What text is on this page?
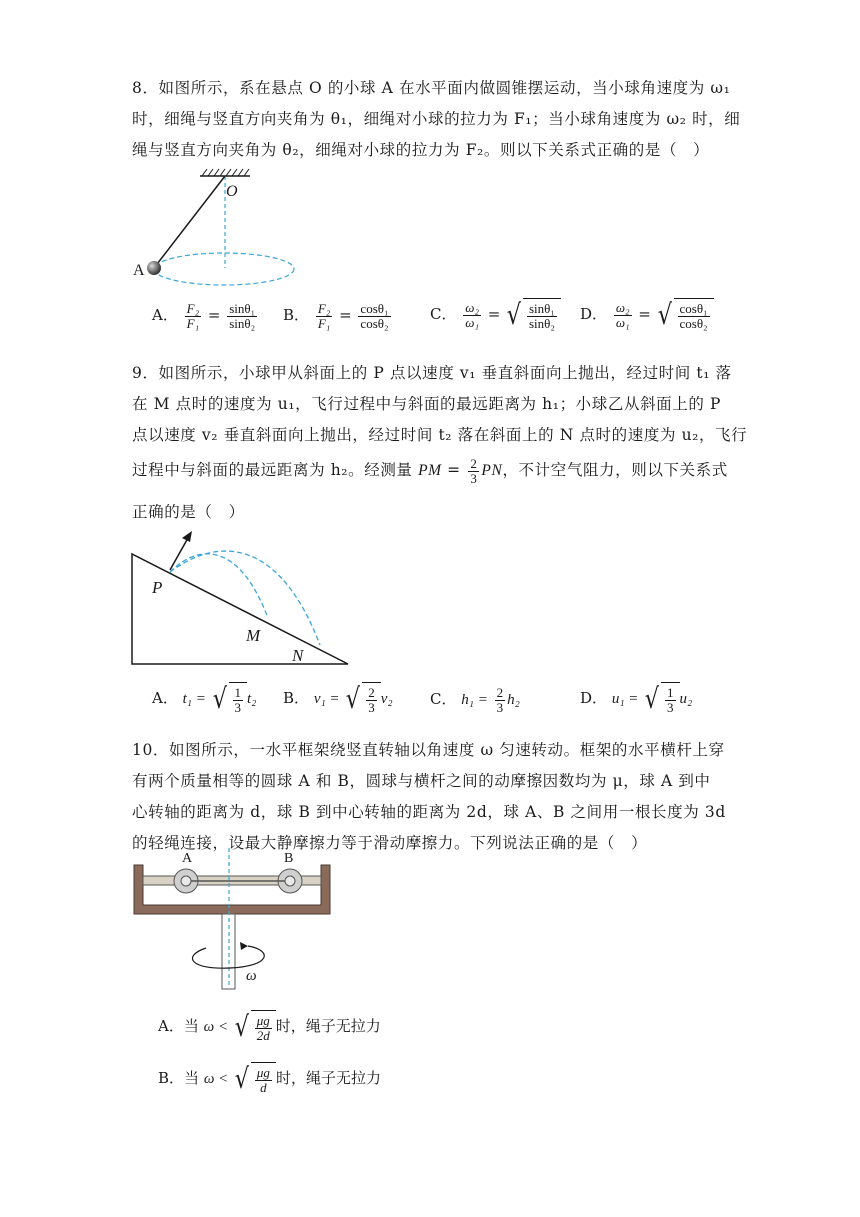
8．如图所示，系在悬点 O 的小球 A 在水平面内做圆锥摆运动，当小球角速度为 ω₁
时，细绳与竖直方向夹角为 θ₁，细绳对小球的拉力为 F₁；当小球角速度为 ω₂ 时，细
绳与竖直方向夹角为 θ₂，细绳对小球的拉力为 F₂。则以下关系式正确的是（　）
O
A
A． $\frac{\text{F₂}}{\text{F₁}} = \frac{\text{sinθ₁}}{\text{sinθ₂}}$ B． $\frac{\text{F₂}}{\text{F₁}} = \frac{\text{cosθ₁}}{\text{cosθ₂}}$	C． $\frac{\text{ω₂}}{\text{ω₁}}$ = √ $\frac{\text{sinθ₁}}{\text{sinθ₂}}$ D． $\frac{\text{ω₂}}{\text{ω₁}}$ = √ $\frac{\text{cosθ₁}}{\text{cosθ₂}}$
9．如图所示，小球甲从斜面上的 P 点以速度 v₁ 垂直斜面向上抛出，经过时间 t₁ 落
在 M 点时的速度为 u₁，飞行过程中与斜面的最远距离为 h₁；小球乙从斜面上的 P
点以速度 v₂ 垂直斜面向上抛出，经过时间 t₂ 落在斜面上的 N 点时的速度为 u₂，飞行
过程中与斜面的最远距离为 h₂。经测量 PM = $\frac{2}{3}$ PN，不计空气阻力，则以下关系式
正确的是（　）
P
M
N
A． t₁ = √ $\frac{1}{3} t_2$ B． v₁ = √ $\frac{2}{3} v_2$ C． $h_1 = \frac{2}{3} h_2$	D． u₁ = √ $\frac{1}{3} u_2$
10．如图所示，一水平框架绕竖直转轴以角速度 ω 匀速转动。框架的水平横杆上穿
有两个质量相等的圆球 A 和 B，圆球与横杆之间的动摩擦因数均为 μ，球 A 到中
心转轴的距离为 d，球 B 到中心转轴的距离为 2d，球 A、B 之间用一根长度为 3d
的轻绳连接，设最大静摩擦力等于滑动摩擦力。下列说法正确的是（　）
A	B
ω
A．当 ω < √ $\frac{\mu g}{2d}$ 时，绳子无拉力
B．当 ω < √ $\frac{\mu g}{d}$ 时，绳子无拉力
